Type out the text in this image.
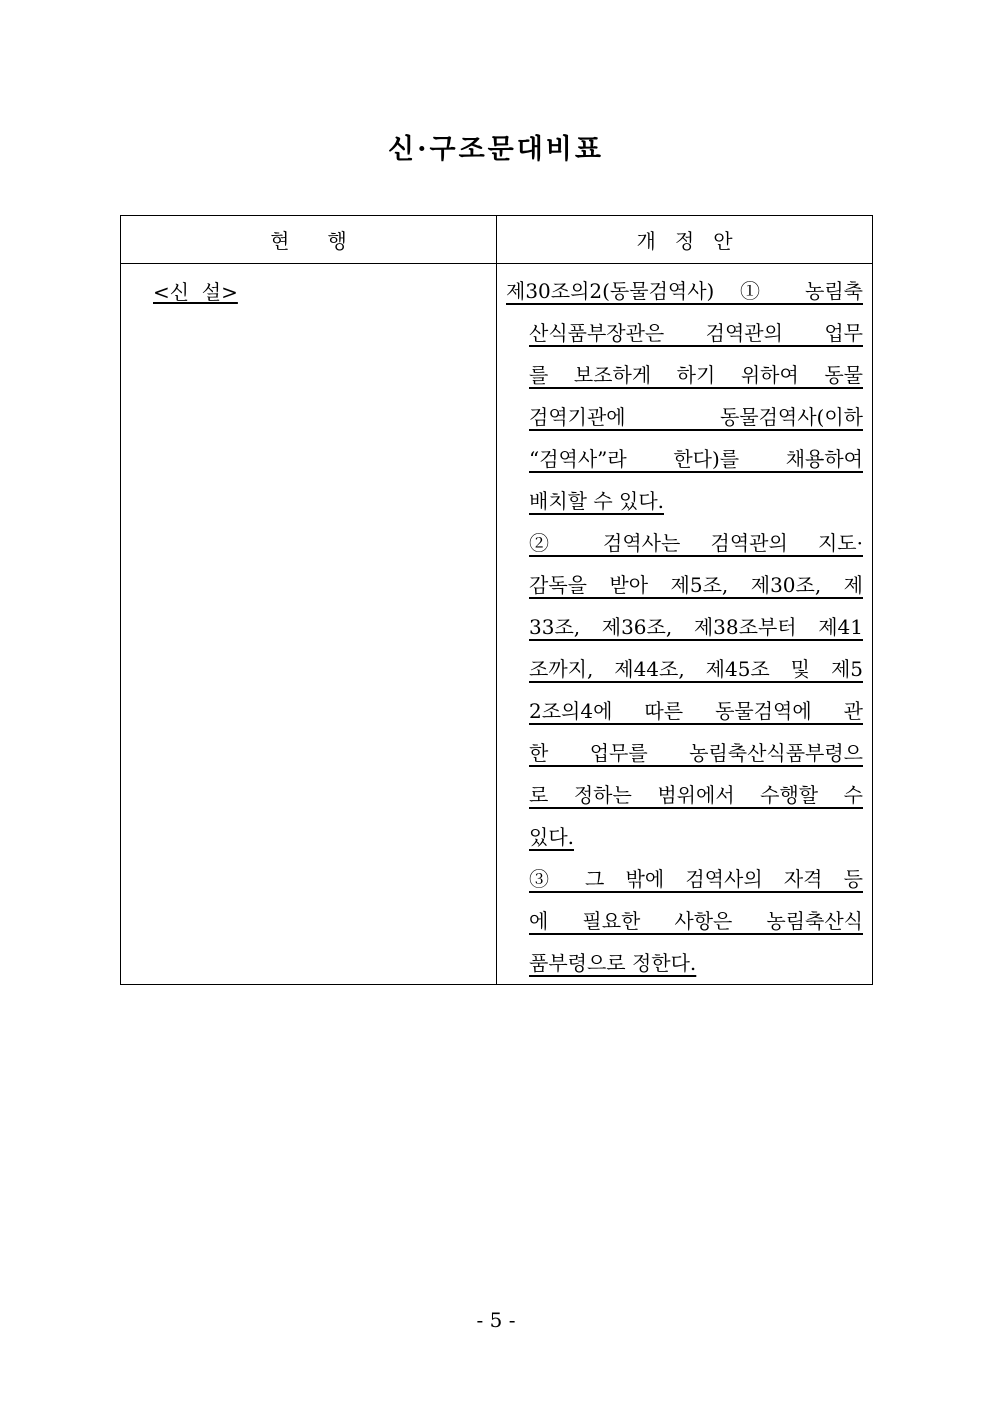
신·구조문대비표
현      행	개   정   안
<신  설>	제30조의2(동물검역사) ① 농림축
산식품부장관은 검역관의 업무
를 보조하게 하기 위하여 동물
검역기관에 동물검역사(이하
“검역사”라 한다)를 채용하여
배치할 수 있다.
② 검역사는 검역관의 지도·
감독을 받아 제5조, 제30조, 제
33조, 제36조, 제38조부터 제41
조까지, 제44조, 제45조 및 제5
2조의4에 따른 동물검역에 관
한 업무를 농림축산식품부령으
로 정하는 범위에서 수행할 수
있다.
③ 그 밖에 검역사의 자격 등
에 필요한 사항은 농림축산식
품부령으로 정한다.
- 5 -
